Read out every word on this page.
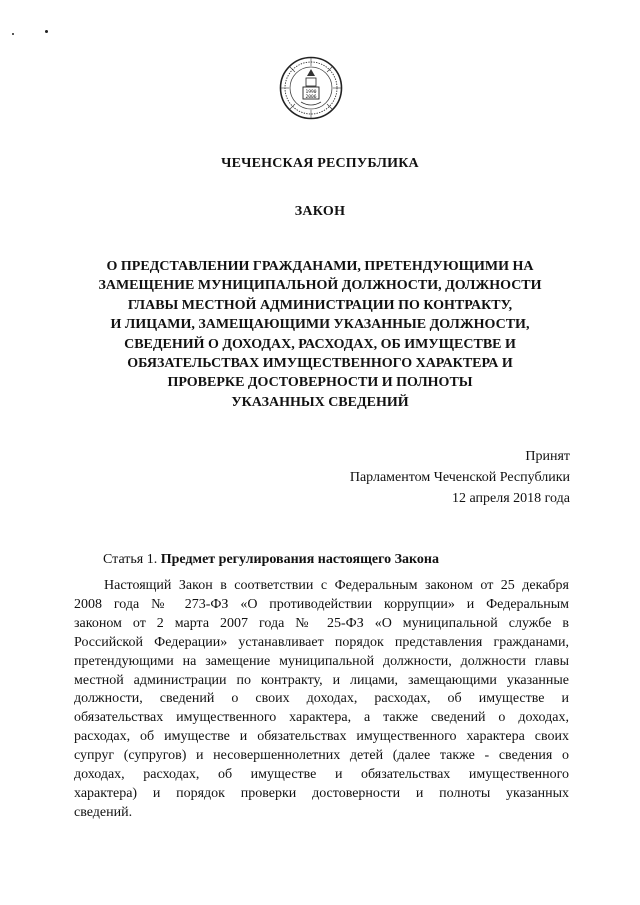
1990
2006
ЧЕЧЕНСКАЯ РЕСПУБЛИКА
ЗАКОН
О ПРЕДСТАВЛЕНИИ ГРАЖДАНАМИ, ПРЕТЕНДУЮЩИМИ НА
ЗАМЕЩЕНИЕ МУНИЦИПАЛЬНОЙ ДОЛЖНОСТИ, ДОЛЖНОСТИ
ГЛАВЫ МЕСТНОЙ АДМИНИСТРАЦИИ ПО КОНТРАКТУ,
И ЛИЦАМИ, ЗАМЕЩАЮЩИМИ УКАЗАННЫЕ ДОЛЖНОСТИ,
СВЕДЕНИЙ О ДОХОДАХ, РАСХОДАХ, ОБ ИМУЩЕСТВЕ И
ОБЯЗАТЕЛЬСТВАХ ИМУЩЕСТВЕННОГО ХАРАКТЕРА И
ПРОВЕРКЕ ДОСТОВЕРНОСТИ И ПОЛНОТЫ
УКАЗАННЫХ СВЕДЕНИЙ
Принят
Парламентом Чеченской Республики
12 апреля 2018 года
Статья 1. Предмет регулирования настоящего Закона
Настоящий Закон в соответствии с Федеральным законом от 25 декабря
2008 года № 273-ФЗ «О противодействии коррупции» и Федеральным
законом от 2 марта 2007 года № 25-ФЗ «О муниципальной службе в
Российской Федерации» устанавливает порядок представления гражданами,
претендующими на замещение муниципальной должности, должности главы
местной администрации по контракту, и лицами, замещающими указанные
должности, сведений о своих доходах, расходах, об имуществе и
обязательствах имущественного характера, а также сведений о доходах,
расходах, об имуществе и обязательствах имущественного характера своих
супруг (супругов) и несовершеннолетних детей (далее также - сведения о
доходах, расходах, об имуществе и обязательствах имущественного
характера) и порядок проверки достоверности и полноты указанных
сведений.
